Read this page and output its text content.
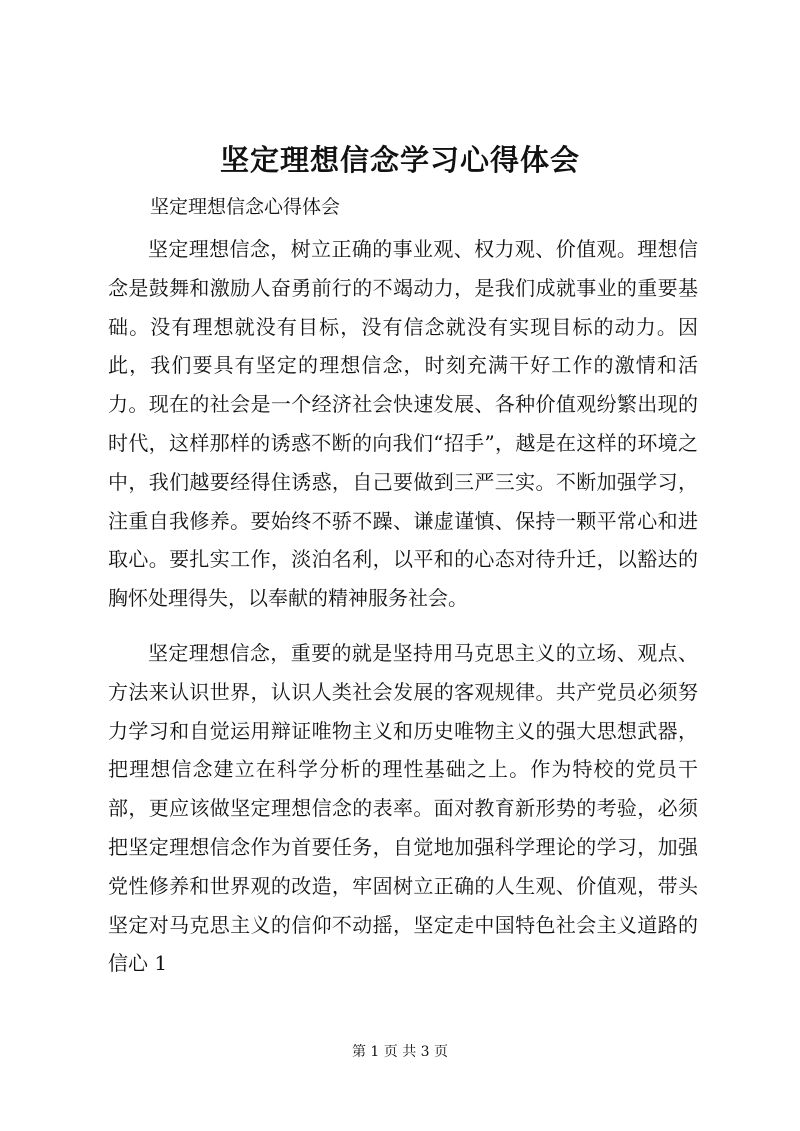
坚定理想信念学习心得体会

坚定理想信念心得体会

坚定理想信念，树立正确的事业观、权力观、价值观。理想信念是鼓舞和激励人奋勇前行的不竭动力，是我们成就事业的重要基础。没有理想就没有目标，没有信念就没有实现目标的动力。因此，我们要具有坚定的理想信念，时刻充满干好工作的激情和活力。现在的社会是一个经济社会快速发展、各种价值观纷繁出现的时代，这样那样的诱惑不断的向我们“招手”，越是在这样的环境之中，我们越要经得住诱惑，自己要做到三严三实。不断加强学习，注重自我修养。要始终不骄不躁、谦虚谨慎、保持一颗平常心和进取心。要扎实工作，淡泊名利，以平和的心态对待升迁，以豁达的胸怀处理得失，以奉献的精神服务社会。

坚定理想信念，重要的就是坚持用马克思主义的立场、观点、方法来认识世界，认识人类社会发展的客观规律。共产党员必须努力学习和自觉运用辩证唯物主义和历史唯物主义的强大思想武器，把理想信念建立在科学分析的理性基础之上。作为特校的党员干部，更应该做坚定理想信念的表率。面对教育新形势的考验，必须把坚定理想信念作为首要任务，自觉地加强科学理论的学习，加强党性修养和世界观的改造，牢固树立正确的人生观、价值观，带头坚定对马克思主义的信仰不动摇，坚定走中国特色社会主义道路的信心 1

第 1 页 共 3 页
